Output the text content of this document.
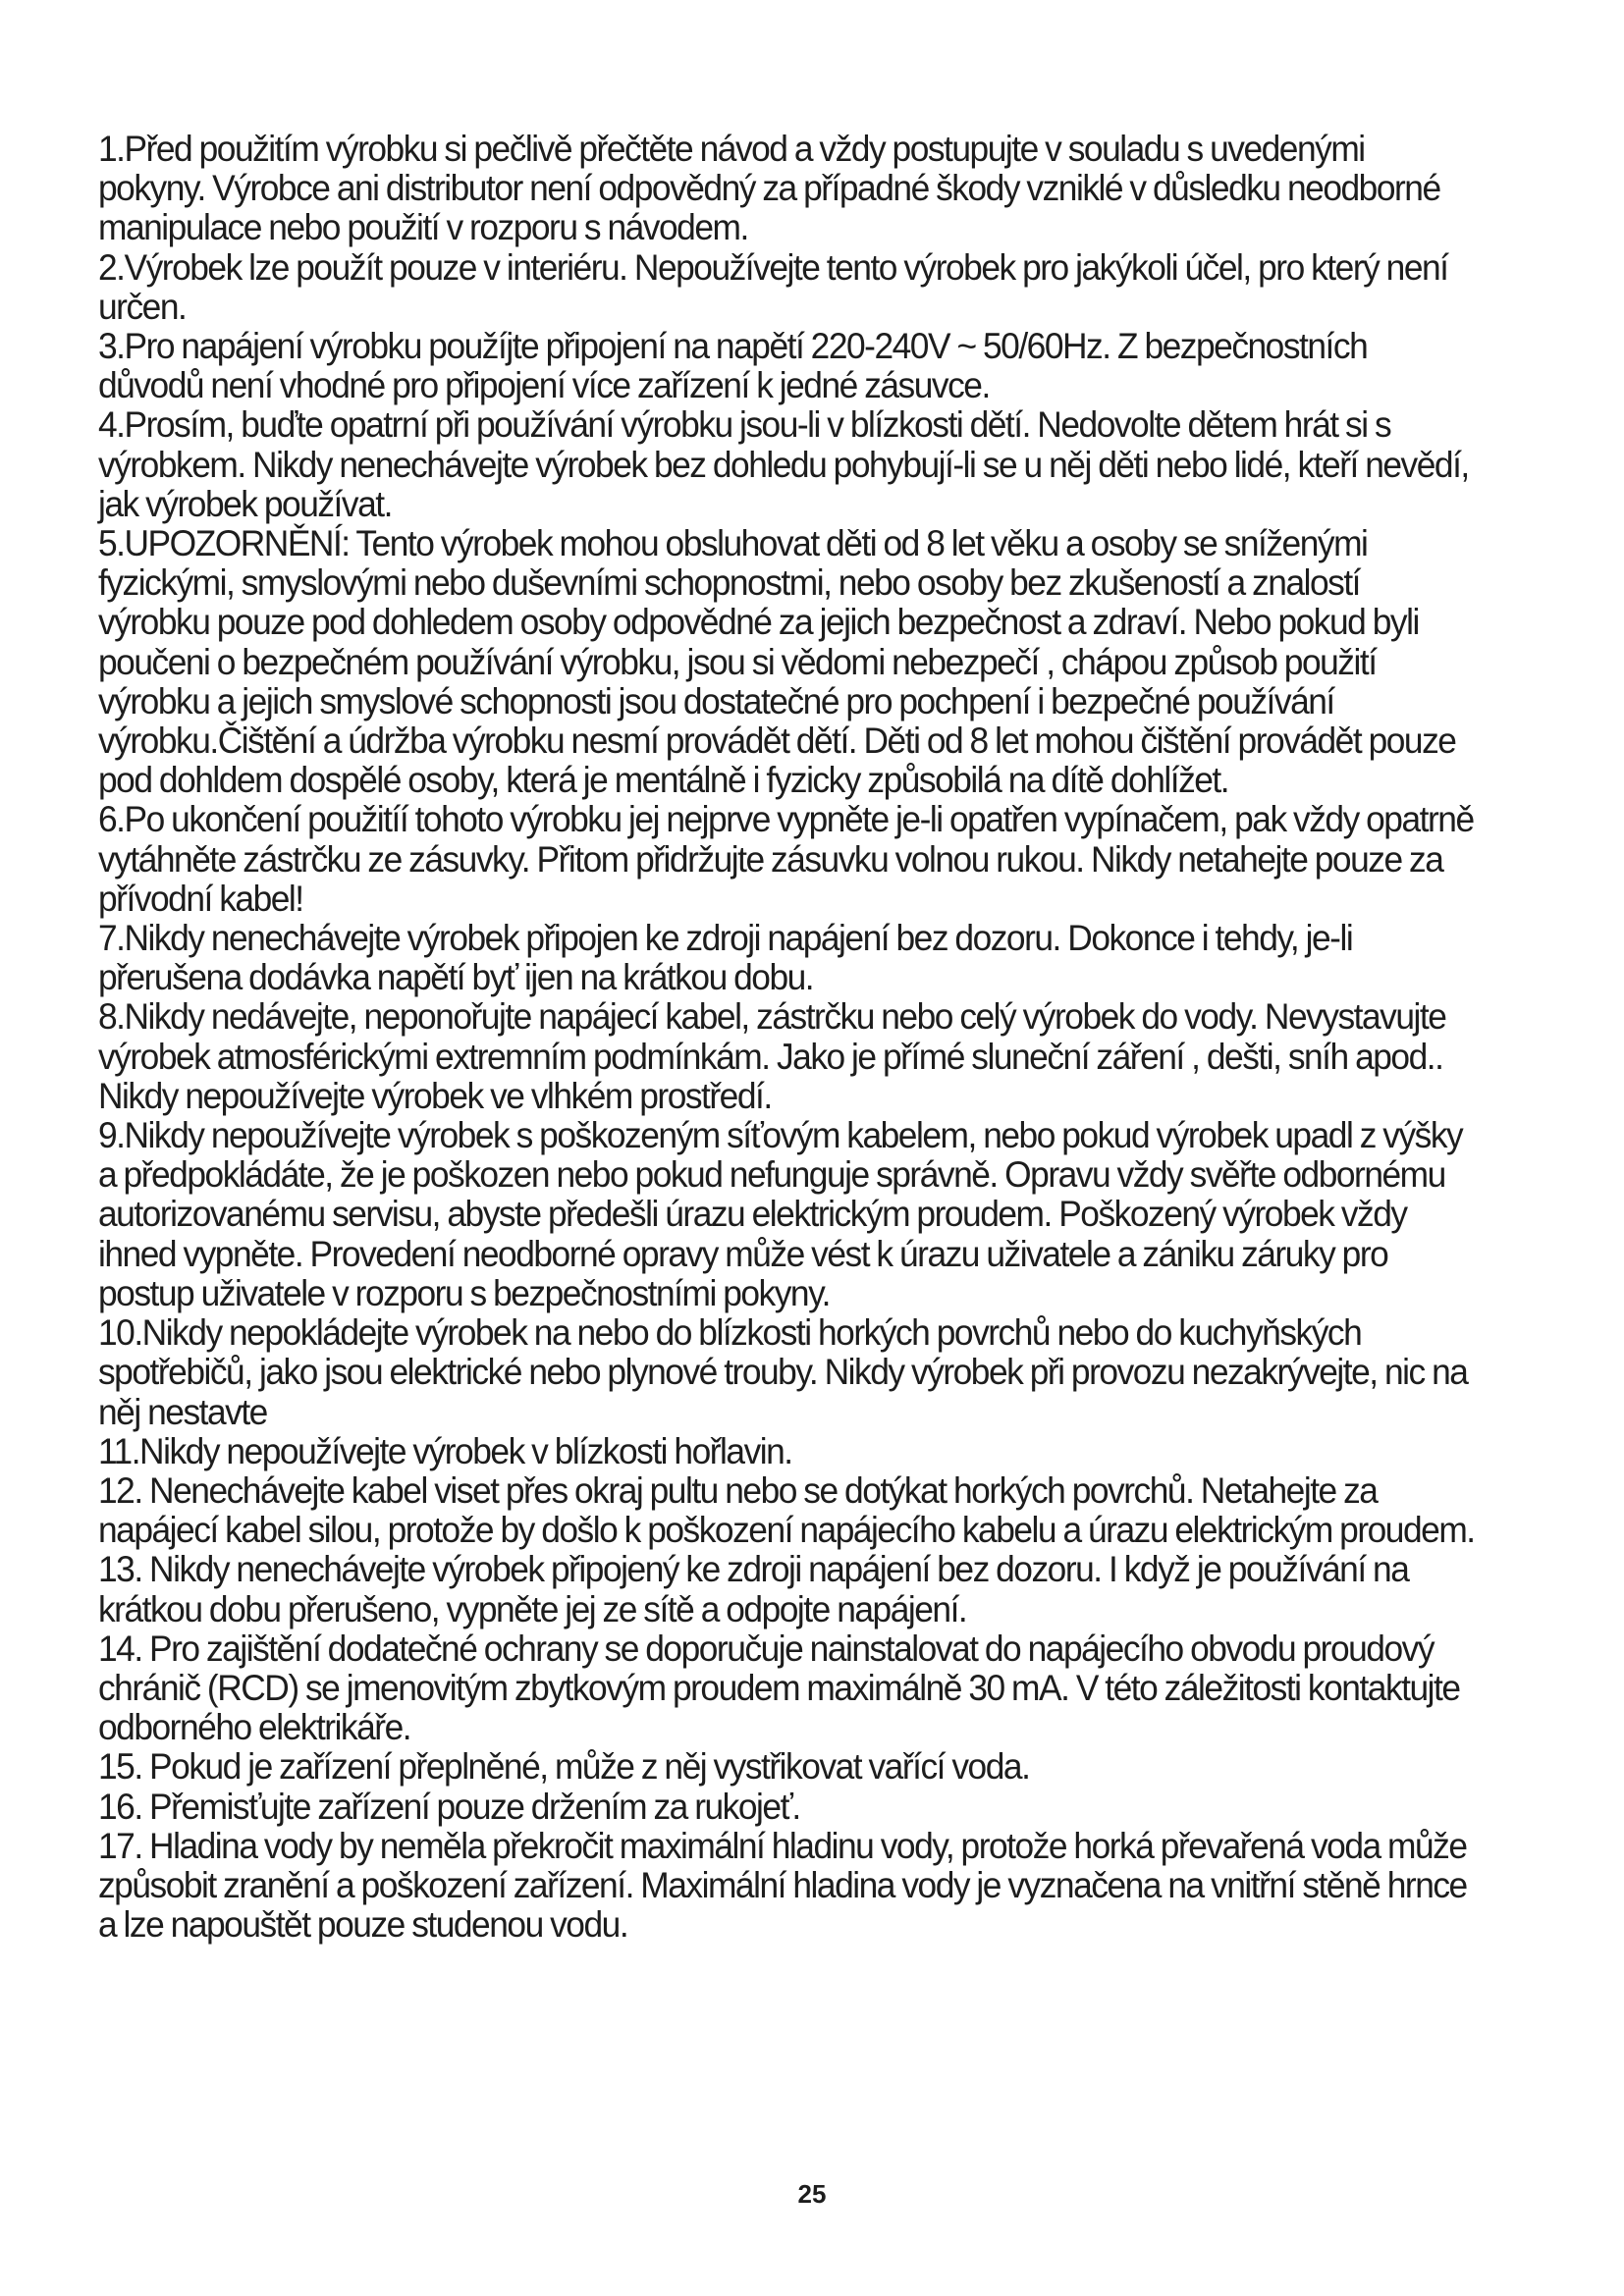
1.Před použitím výrobku si pečlivě přečtěte návod a vždy postupujte v souladu s uvedenými pokyny. Výrobce ani distributor není odpovědný za případné škody vzniklé v důsledku neodborné manipulace nebo použití v rozporu s návodem.

2.Výrobek lze použít pouze v interiéru. Nepoužívejte tento výrobek pro jakýkoli účel, pro který není určen.

3.Pro napájení výrobku použíjte připojení na napětí 220-240V ~ 50/60Hz. Z bezpečnostních důvodů není vhodné pro připojení více zařízení k jedné zásuvce.

4.Prosím, buďte opatrní při používání výrobku jsou-li v blízkosti dětí. Nedovolte dětem hrát si s výrobkem. Nikdy nenechávejte výrobek bez dohledu pohybují-li se u něj děti nebo lidé, kteří nevědí, jak výrobek používat.

5.UPOZORNĚNÍ: Tento výrobek mohou obsluhovat děti od 8 let věku a osoby se sníženými fyzickými, smyslovými nebo duševními schopnostmi, nebo osoby bez zkušeností a znalostí výrobku pouze pod dohledem osoby odpovědné za jejich bezpečnost a zdraví. Nebo pokud byli poučeni o bezpečném používání výrobku, jsou si vědomi nebezpečí , chápou způsob použití výrobku a jejich smyslové schopnosti jsou dostatečné pro pochpení i bezpečné používání výrobku.Čištění a údržba výrobku nesmí provádět dětí. Děti od 8 let mohou čištění provádět pouze pod dohldem dospělé osoby, která je mentálně i fyzicky způsobilá na dítě dohlížet.

6.Po ukončení použitíí tohoto výrobku jej nejprve vypněte je-li opatřen vypínačem, pak vždy opatrně vytáhněte zástrčku ze zásuvky. Přitom přidržujte zásuvku volnou rukou. Nikdy netahejte pouze za přívodní kabel!

7.Nikdy nenechávejte výrobek připojen ke zdroji napájení bez dozoru. Dokonce i tehdy, je-li přerušena dodávka napětí byť ijen na krátkou dobu.

8.Nikdy nedávejte, neponořujte napájecí kabel, zástrčku nebo celý výrobek do vody. Nevystavujte výrobek atmosférickými extremním podmínkám. Jako je přímé sluneční záření , dešti, sníh apod.. Nikdy nepoužívejte výrobek ve vlhkém prostředí.

9.Nikdy nepoužívejte výrobek s poškozeným síťovým kabelem, nebo pokud výrobek upadl z výšky a předpokládáte, že je poškozen nebo pokud nefunguje správně. Opravu vždy svěřte odbornému autorizovanému servisu, abyste předešli úrazu elektrickým proudem. Poškozený výrobek vždy ihned vypněte. Provedení neodborné opravy může vést k úrazu uživatele a zániku záruky pro postup uživatele v rozporu s bezpečnostními pokyny.

10.Nikdy nepokládejte výrobek na nebo do blízkosti horkých povrchů nebo do kuchyňských spotřebičů, jako jsou elektrické nebo plynové trouby. Nikdy výrobek při provozu nezakrývejte, nic na něj nestavte

11.Nikdy nepoužívejte výrobek v blízkosti hořlavin.

12. Nenechávejte kabel viset přes okraj pultu nebo se dotýkat horkých povrchů. Netahejte za napájecí kabel silou, protože by došlo k poškození napájecího kabelu a úrazu elektrickým proudem.

13. Nikdy nenechávejte výrobek připojený ke zdroji napájení bez dozoru. I když je používání na krátkou dobu přerušeno, vypněte jej ze sítě a odpojte napájení.

14. Pro zajištění dodatečné ochrany se doporučuje nainstalovat do napájecího obvodu proudový chránič (RCD) se jmenovitým zbytkovým proudem maximálně 30 mA. V této záležitosti kontaktujte odborného elektrikáře.

15. Pokud je zařízení přeplněné, může z něj vystřikovat vařící voda.

16. Přemisťujte zařízení pouze držením za rukojeť.

17. Hladina vody by neměla překročit maximální hladinu vody, protože horká převařená voda může způsobit zranění a poškození zařízení. Maximální hladina vody je vyznačena na vnitřní stěně hrnce a lze napouštět pouze studenou vodu.

25
